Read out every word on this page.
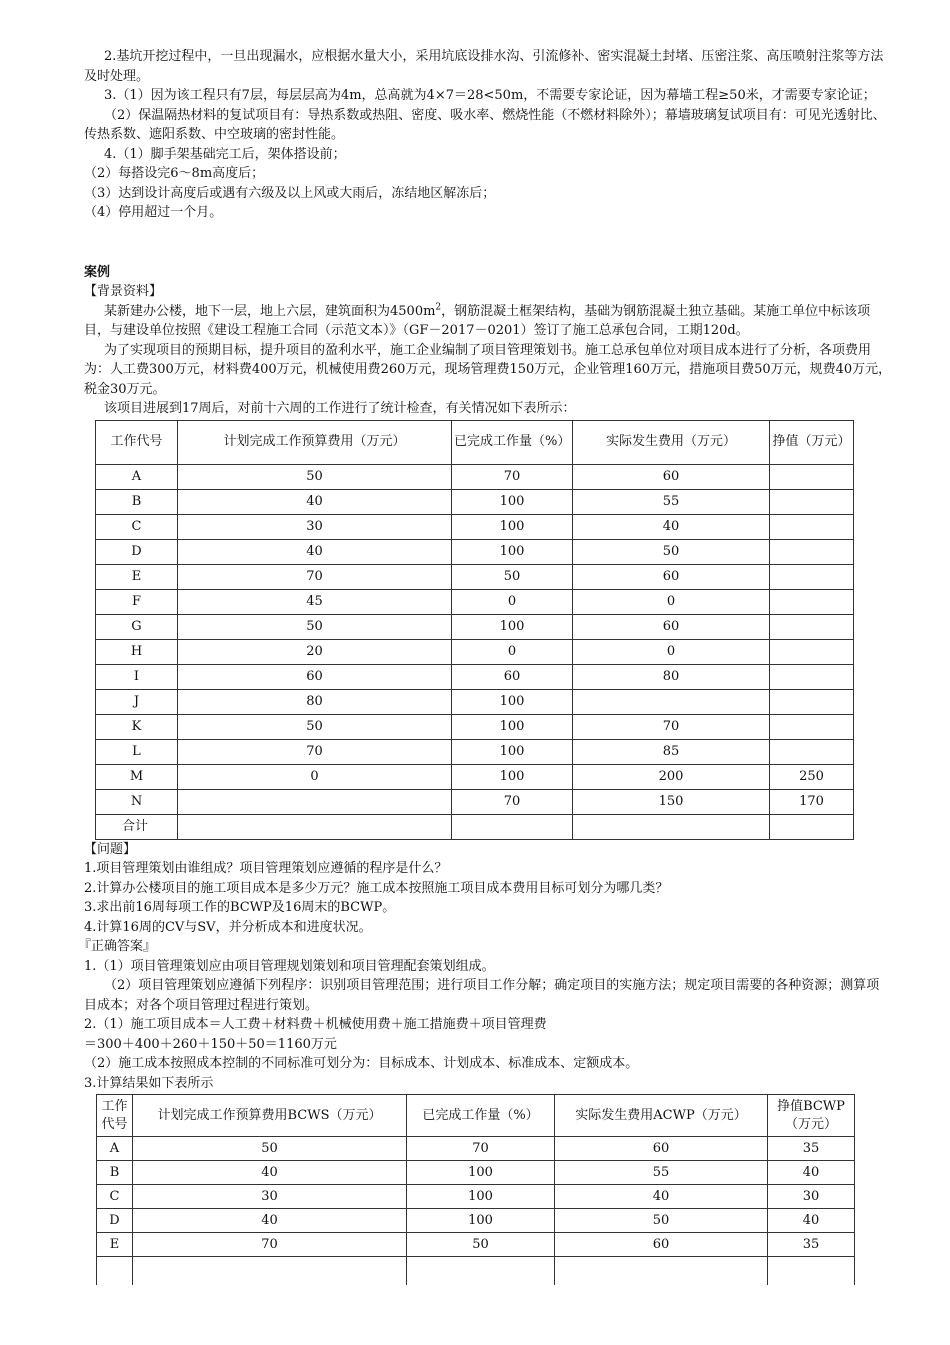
2.基坑开挖过程中，一旦出现漏水，应根据水量大小，采用坑底设排水沟、引流修补、密实混凝土封堵、压密注浆、高压喷射注浆等方法及时处理。

3.（1）因为该工程只有7层，每层层高为4m，总高就为4×7＝28<50m，不需要专家论证，因为幕墙工程≥50米，才需要专家论证；

（2）保温隔热材料的复试项目有：导热系数或热阻、密度、吸水率、燃烧性能（不燃材料除外）；幕墙玻璃复试项目有：可见光透射比、传热系数、遮阳系数、中空玻璃的密封性能。

4.（1）脚手架基础完工后，架体搭设前；

（2）每搭设完6～8m高度后；

（3）达到设计高度后或遇有六级及以上风或大雨后，冻结地区解冻后；

（4）停用超过一个月。

案例

【背景资料】

某新建办公楼，地下一层，地上六层，建筑面积为$4500m^2$，钢筋混凝土框架结构，基础为钢筋混凝土独立基础。某施工单位中标该项目，与建设单位按照《建设工程施工合同（示范文本）》（GF－2017－0201）签订了施工总承包合同，工期120d。

为了实现项目的预期目标，提升项目的盈利水平，施工企业编制了项目管理策划书。施工总承包单位对项目成本进行了分析，各项费用为：人工费300万元，材料费400万元，机械使用费260万元，现场管理费150万元，企业管理160万元，措施项目费50万元，规费40万元，税金30万元。

该项目进展到17周后，对前十六周的工作进行了统计检查，有关情况如下表所示：

工作代号	计划完成工作预算费用（万元）	已完成工作量（%）	实际发生费用（万元）	挣值（万元）
A	50	70	60	
B	40	100	55	
C	30	100	40	
D	40	100	50	
E	70	50	60	
F	45	0	0	
G	50	100	60	
H	20	0	0	
I	60	60	80	
J	80	100		
K	50	100	70	
L	70	100	85	
M	0	100	200	250
N		70	150	170
合计				

【问题】

1.项目管理策划由谁组成？项目管理策划应遵循的程序是什么？

2.计算办公楼项目的施工项目成本是多少万元？施工成本按照施工项目成本费用目标可划分为哪几类？

3.求出前16周每项工作的BCWP及16周末的BCWP。

4.计算16周的CV与SV，并分析成本和进度状况。

『正确答案』

1.（1）项目管理策划应由项目管理规划策划和项目管理配套策划组成。

（2）项目管理策划应遵循下列程序：识别项目管理范围；进行项目工作分解；确定项目的实施方法；规定项目需要的各种资源；测算项目成本；对各个项目管理过程进行策划。

2.（1）施工项目成本＝人工费＋材料费＋机械使用费＋施工措施费＋项目管理费

＝300＋400＋260＋150＋50＝1160万元

（2）施工成本按照成本控制的不同标准可划分为：目标成本、计划成本、标准成本、定额成本。

3.计算结果如下表所示

工作代号	计划完成工作预算费用BCWS（万元）	已完成工作量（%）	实际发生费用ACWP（万元）	挣值BCWP（万元）
A	50	70	60	35
B	40	100	55	40
C	30	100	40	30
D	40	100	50	40
E	70	50	60	35
